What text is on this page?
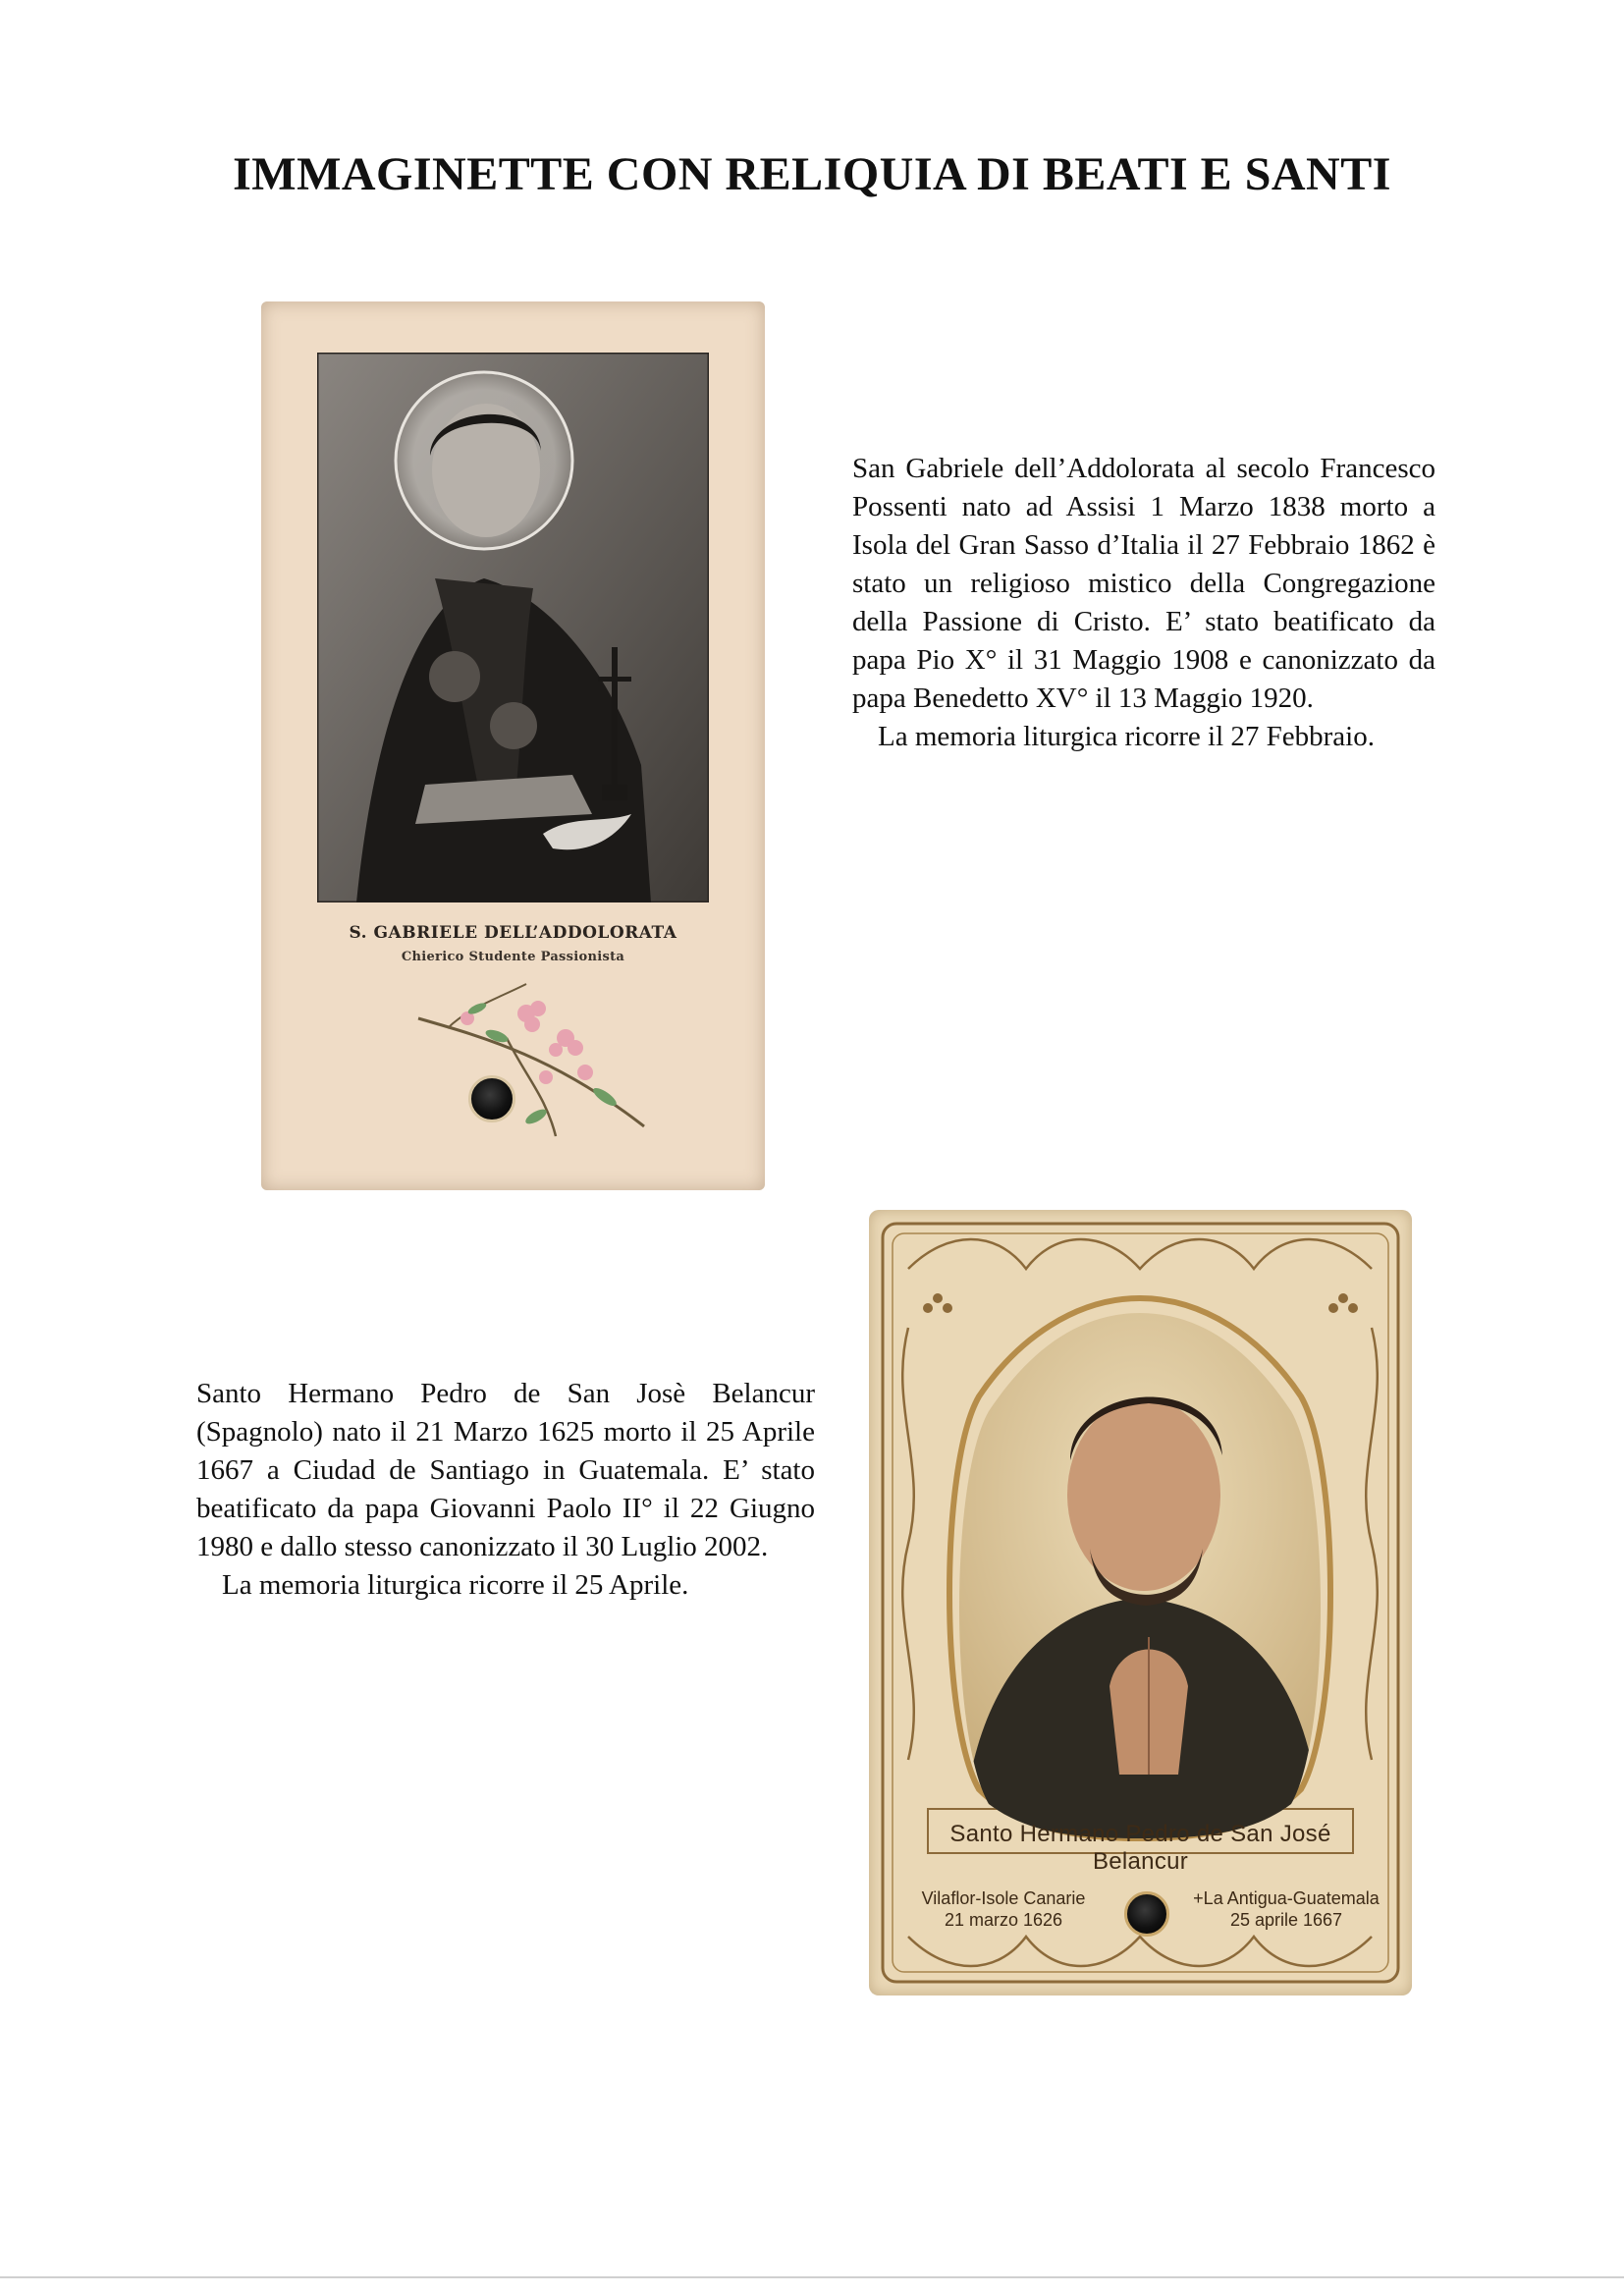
IMMAGINETTE CON RELIQUIA DI BEATI E SANTI
S. GABRIELE DELL’ADDOLORATA
Chierico Studente Passionista

San Gabriele dell’Addolorata al secolo Francesco Possenti nato ad Assisi 1 Marzo 1838 morto a Isola del Gran Sasso d’Italia il 27 Febbraio 1862 è stato un religioso mistico della Congregazione della Passione di Cristo. E’ stato beatificato da papa Pio X° il 31 Maggio 1908 e canonizzato da papa Benedetto XV° il 13 Maggio 1920.

La memoria liturgica ricorre il 27 Febbraio.

Santo Hermano Pedro de San Josè Belancur (Spagnolo) nato il 21 Marzo 1625 morto il 25 Aprile 1667 a Ciudad de Santiago in Guatemala. E’ stato beatificato da papa Giovanni Paolo II° il 22 Giugno 1980 e dallo stesso canonizzato il 30 Luglio 2002.

La memoria liturgica ricorre il 25 Aprile.

Santo Hermano Pedro de San José Belancur
Vilaflor-Isole Canarie
21 marzo 1626
+La Antigua-Guatemala
25 aprile 1667
